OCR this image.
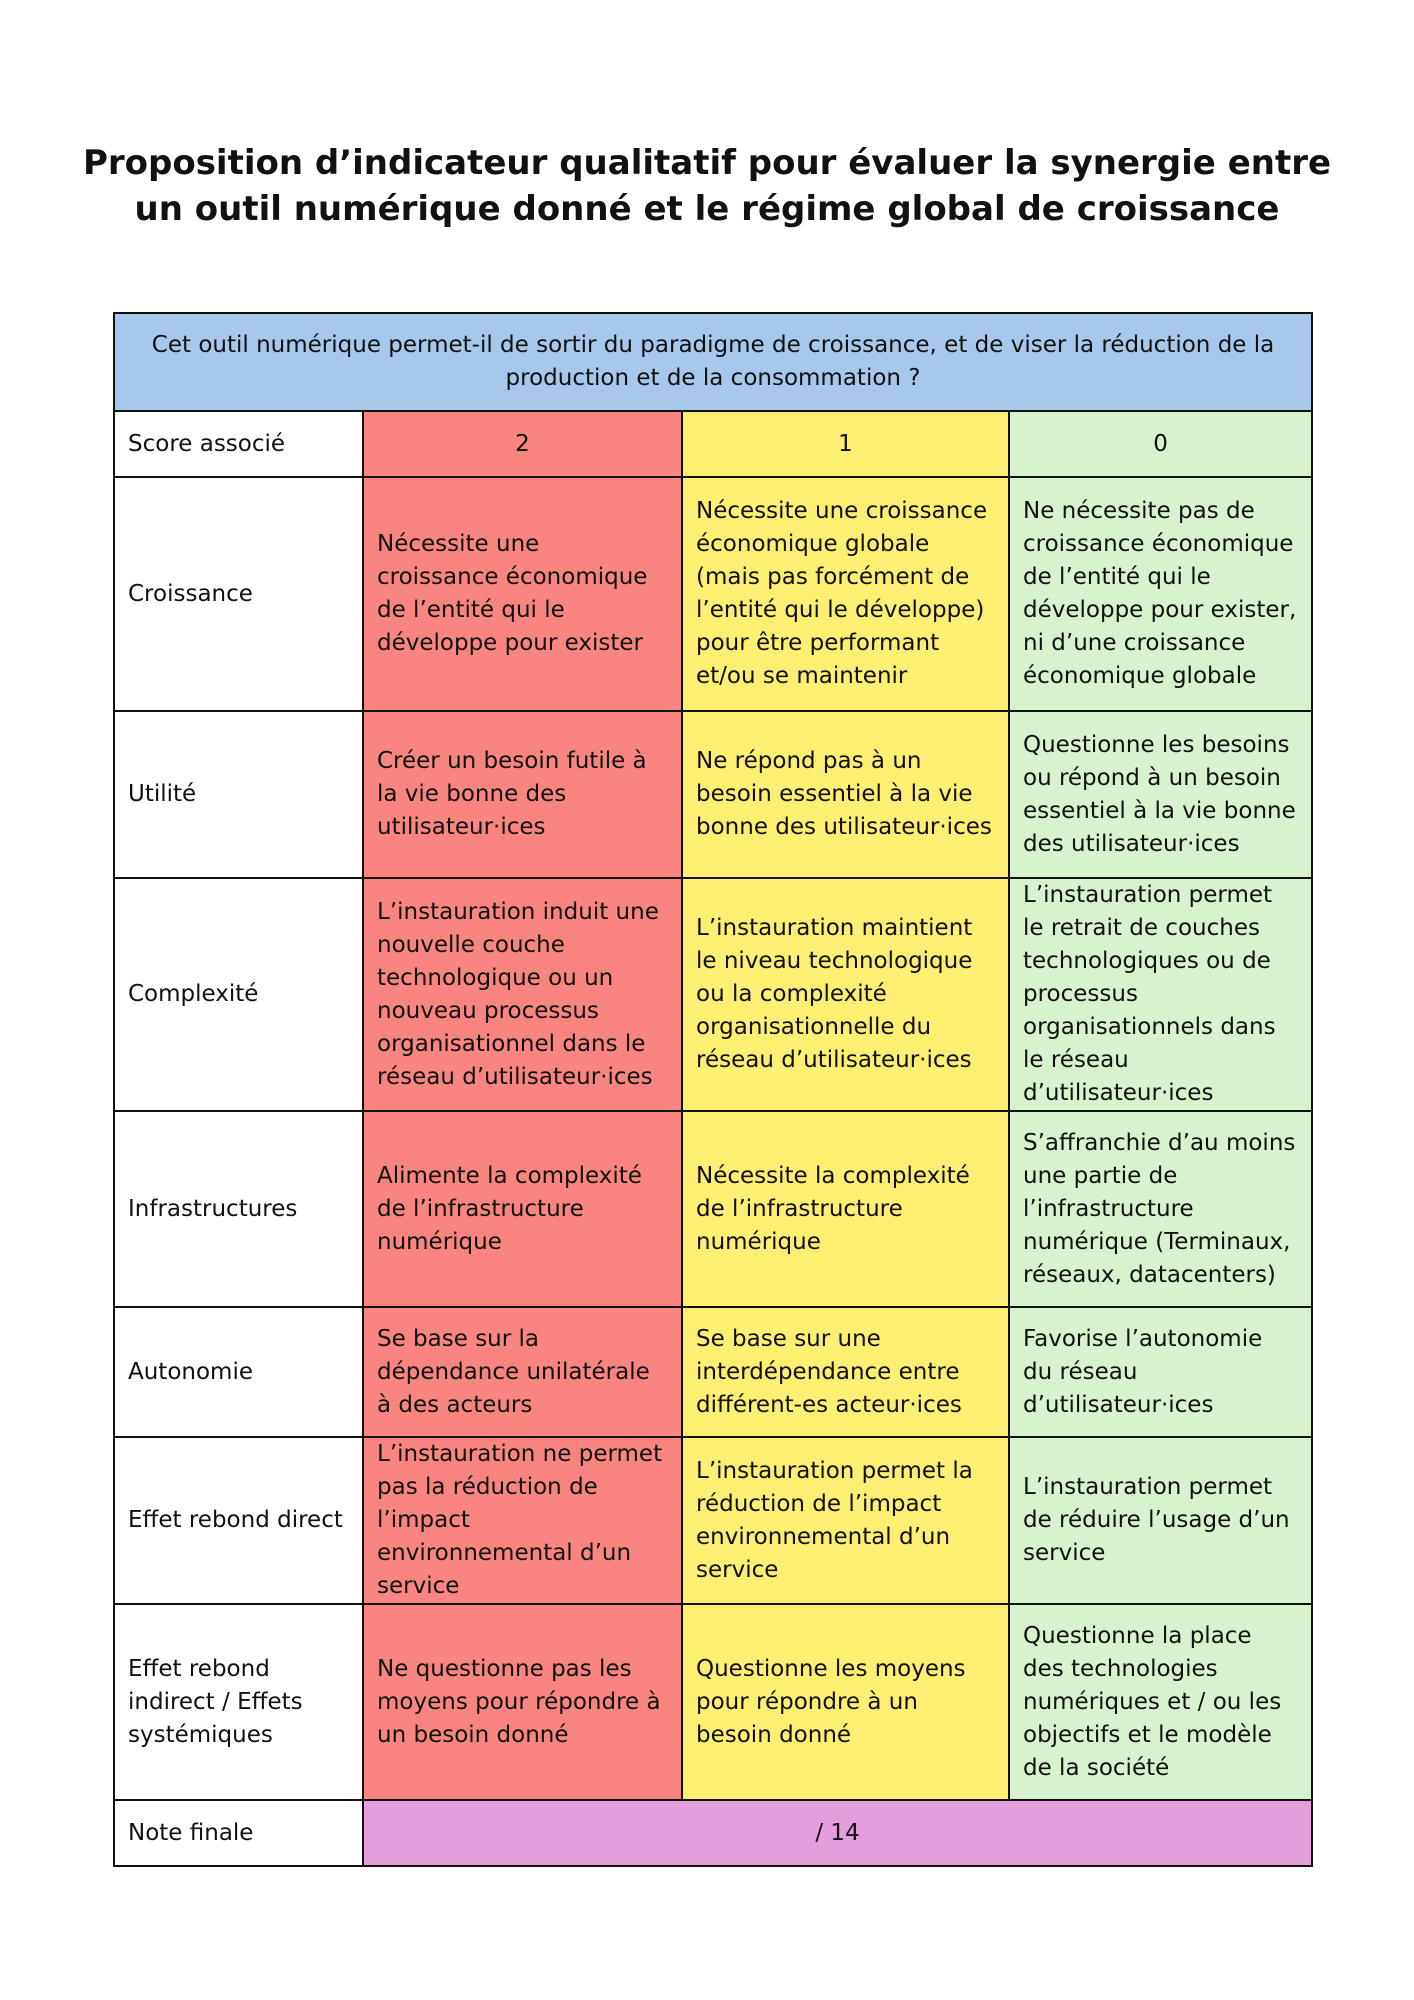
Proposition d’indicateur qualitatif pour évaluer la synergie entre
un outil numérique donné et le régime global de croissance
Cet outil numérique permet-il de sortir du paradigme de croissance, et de viser la réduction de la production et de la consommation ?			
Score associé	2	1	0
Croissance	Nécessite une croissance économique de l’entité qui le développe pour exister	Nécessite une croissance économique globale (mais pas forcément de l’entité qui le développe) pour être performant et/ou se maintenir	Ne nécessite pas de croissance économique de l’entité qui le développe pour exister, ni d’une croissance économique globale
Utilité	Créer un besoin futile à la vie bonne des utilisateur·ices	Ne répond pas à un besoin essentiel à la vie bonne des utilisateur·ices	Questionne les besoins ou répond à un besoin essentiel à la vie bonne des utilisateur·ices
Complexité	L’instauration induit une nouvelle couche technologique ou un nouveau processus organisationnel dans le réseau d’utilisateur·ices	L’instauration maintient le niveau technologique ou la complexité organisationnelle du réseau d’utilisateur·ices	L’instauration permet le retrait de couches technologiques ou de processus organisationnels dans le réseau d’utilisateur·ices
Infrastructures	Alimente la complexité de l’infrastructure numérique	Nécessite la complexité de l’infrastructure numérique	S’affranchie d’au moins une partie de l’infrastructure numérique (Terminaux, réseaux, datacenters)
Autonomie	Se base sur la dépendance unilatérale à des acteurs	Se base sur une interdépendance entre différent-es acteur·ices	Favorise l’autonomie du réseau d’utilisateur·ices
Effet rebond direct	L’instauration ne permet pas la réduction de l’impact environnemental d’un service	L’instauration permet la réduction de l’impact environnemental d’un service	L’instauration permet de réduire l’usage d’un service
Effet rebond indirect / Effets systémiques	Ne questionne pas les moyens pour répondre à un besoin donné	Questionne les moyens pour répondre à un besoin donné	Questionne la place des technologies numériques et / ou les objectifs et le modèle de la société
Note finale	/ 14		
